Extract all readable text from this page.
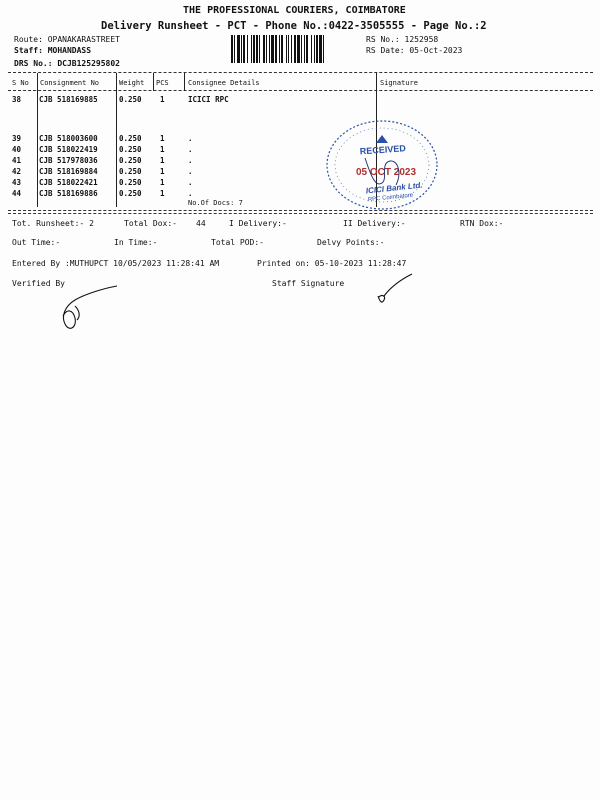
THE PROFESSIONAL COURIERS, COIMBATORE
Delivery Runsheet - PCT - Phone No.:0422-3505555 - Page No.:2
Route: OPANAKARASTREET
Staff: MOHANDASS
DRS No.: DCJB125295802
RS No.: 1252958
RS Date: 05-Oct-2023
S No Consignment No	Weight PCS	Consignee Details	Signature
38 CJB 518169885	0.250 1	ICICI RPC
39 CJB 518003600	0.250 1	.
40 CJB 518022419	0.250 1	.
41 CJB 517978036	0.250 1	.
42 CJB 518169884	0.250 1	.
43 CJB 518022421	0.250 1	.
44 CJB 518169886	0.250 1	.
No.Of Docs: 7
RECEIVED
05 OCT 2023
ICICI Bank Ltd.
RPC Coimbatore
Tot. Runsheet:- 2	Total Dox:- 44	I Delivery:-	II Delivery:-	RTN Dox:-
Out Time:-	In Time:-	Total POD:-	Delvy Points:-
Entered By :MUTHUPCT 10/05/2023 11:28:41 AM	Printed on: 05-10-2023 11:28:47
Verified By	Staff Signature
